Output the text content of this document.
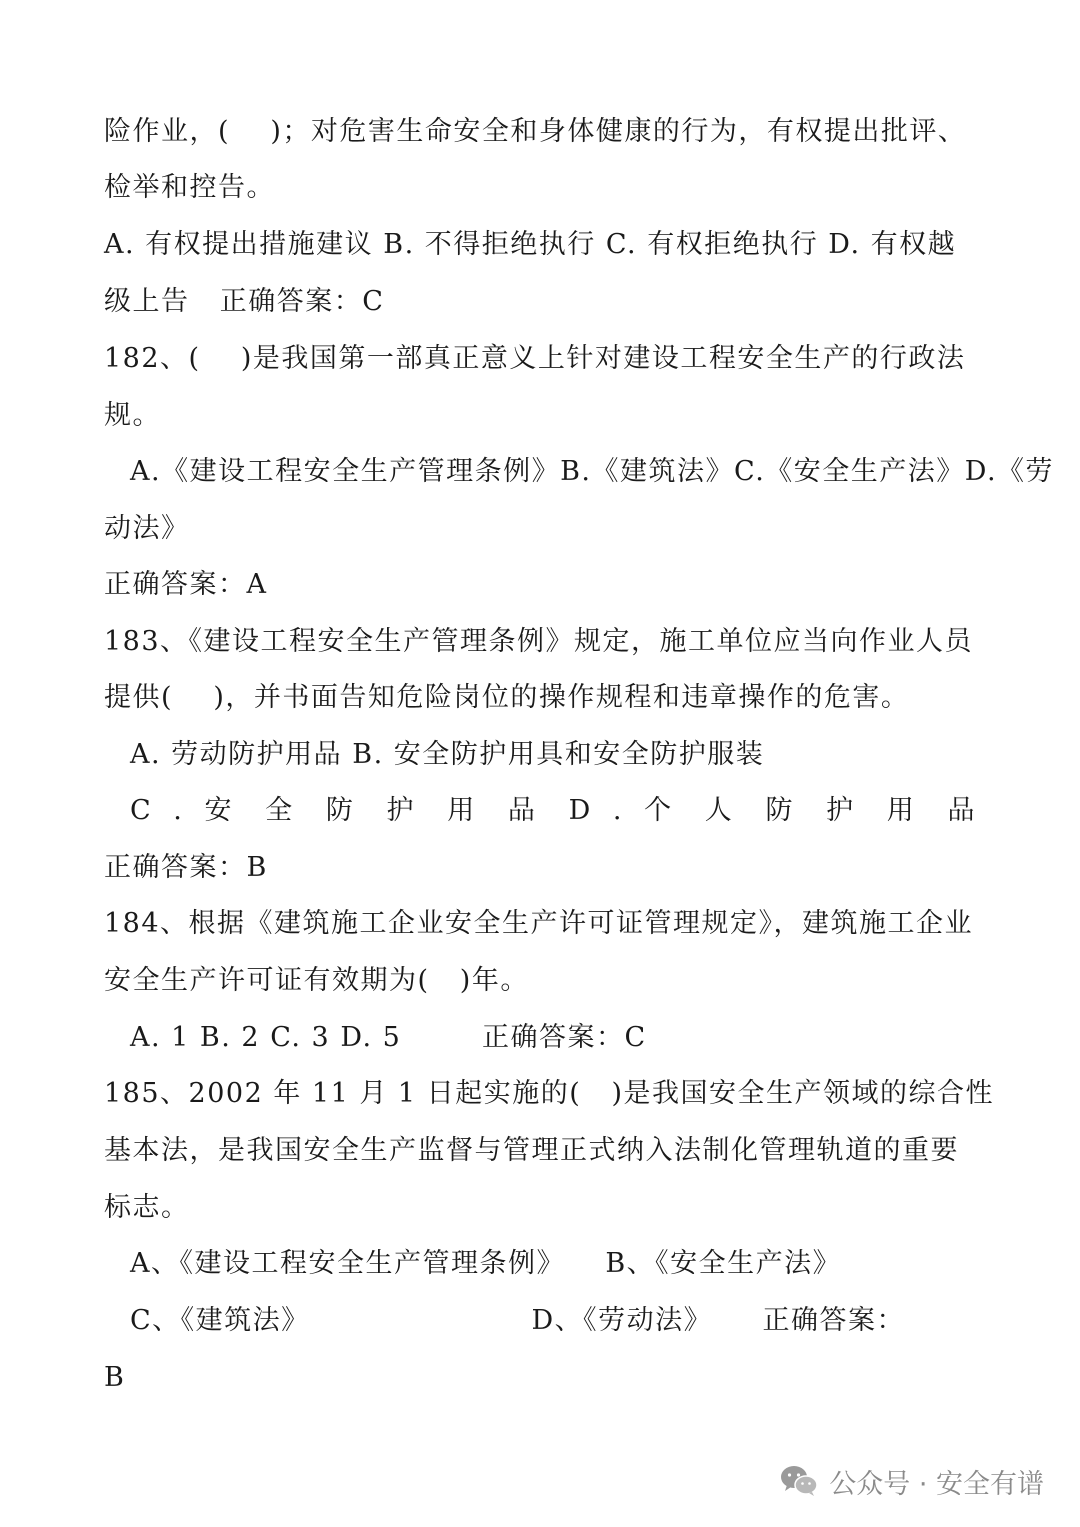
险作业，(    )；对危害生命安全和身体健康的行为，有权提出批评、
检举和控告。
A. 有权提出措施建议 B. 不得拒绝执行 C. 有权拒绝执行 D. 有权越
级上告   正确答案：C
182、(    )是我国第一部真正意义上针对建设工程安全生产的行政法
规。
A.《建设工程安全生产管理条例》B.《建筑法》C.《安全生产法》D.《劳
动法》
正确答案：A
183、《建设工程安全生产管理条例》规定，施工单位应当向作业人员
提供(    )，并书面告知危险岗位的操作规程和违章操作的危害。
A. 劳动防护用品 B. 安全防护用具和安全防护服装
C . 安 全 防 护 用 品 D . 个 人 防 护 用 品
正确答案：B
184、根据《建筑施工企业安全生产许可证管理规定》，建筑施工企业
安全生产许可证有效期为(   )年。
A. 1 B. 2 C. 3 D. 5        正确答案：C
185、2002 年 11 月 1 日起实施的(   )是我国安全生产领域的综合性
基本法，是我国安全生产监督与管理正式纳入法制化管理轨道的重要
标志。
A、《建设工程安全生产管理条例》    B、《安全生产法》
C、《建筑法》                      D、《劳动法》     正确答案：
B
公众号 · 安全有谱
